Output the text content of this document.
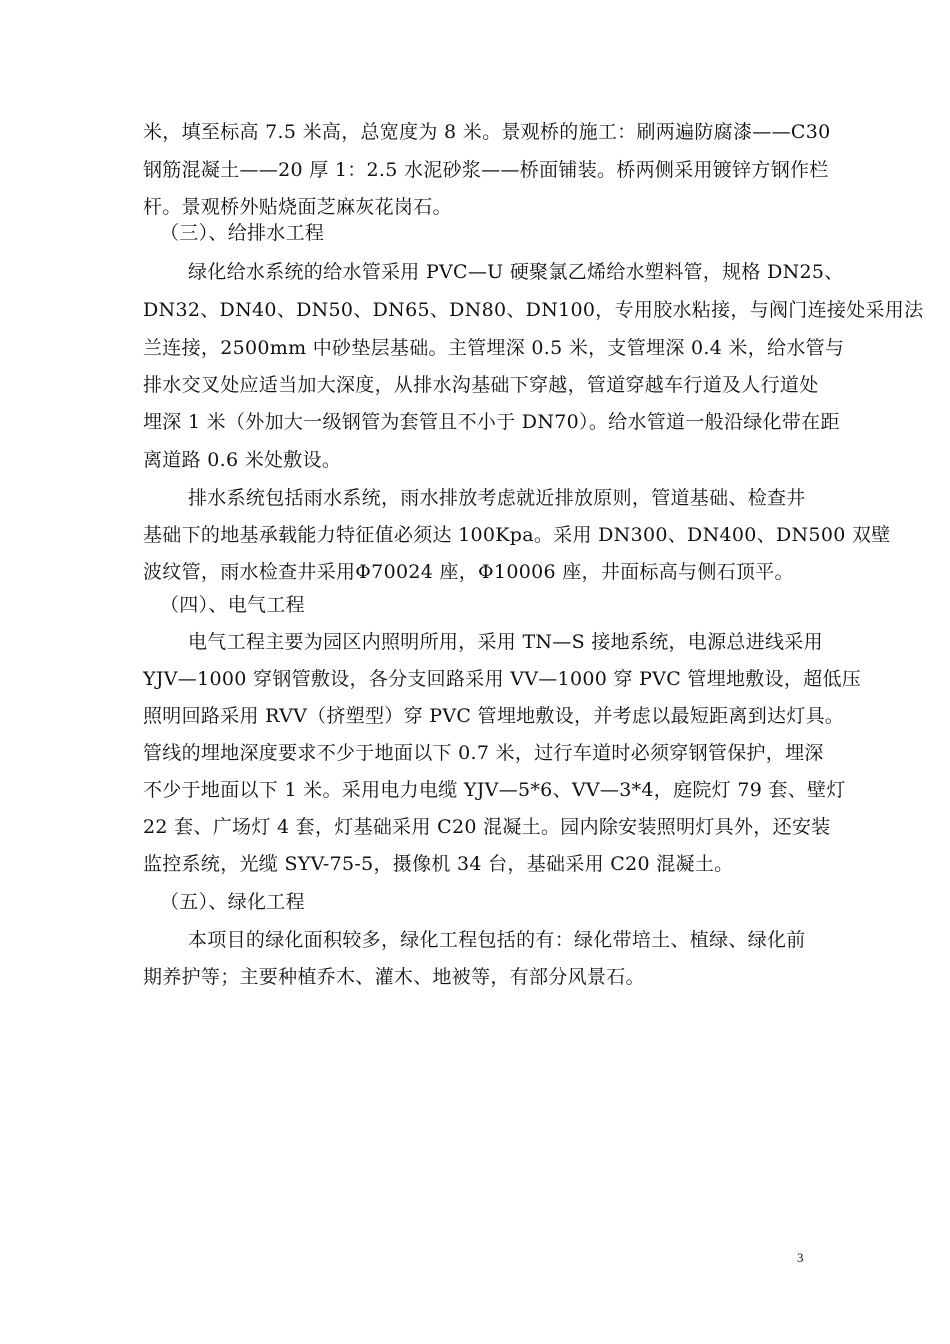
米，填至标高 7.5 米高，总宽度为 8 米。景观桥的施工：刷两遍防腐漆——C30
钢筋混凝土——20 厚 1：2.5 水泥砂浆——桥面铺装。桥两侧采用镀锌方钢作栏
杆。景观桥外贴烧面芝麻灰花岗石。
（三）、给排水工程
绿化给水系统的给水管采用 PVC—U 硬聚氯乙烯给水塑料管，规格 DN25、
DN32、DN40、DN50、DN65、DN80、DN100，专用胶水粘接，与阀门连接处采用法
兰连接，2500mm 中砂垫层基础。主管埋深 0.5 米，支管埋深 0.4 米，给水管与
排水交叉处应适当加大深度，从排水沟基础下穿越，管道穿越车行道及人行道处
埋深 1 米（外加大一级钢管为套管且不小于 DN70）。给水管道一般沿绿化带在距
离道路 0.6 米处敷设。
排水系统包括雨水系统，雨水排放考虑就近排放原则，管道基础、检查井
基础下的地基承载能力特征值必须达 100Kpa。采用 DN300、DN400、DN500 双壁
波纹管，雨水检查井采用Φ70024 座，Φ10006 座，井面标高与侧石顶平。
（四）、电气工程
电气工程主要为园区内照明所用，采用 TN—S 接地系统，电源总进线采用
YJV—1000 穿钢管敷设，各分支回路采用 VV—1000 穿 PVC 管埋地敷设，超低压
照明回路采用 RVV（挤塑型）穿 PVC 管埋地敷设，并考虑以最短距离到达灯具。
管线的埋地深度要求不少于地面以下 0.7 米，过行车道时必须穿钢管保护，埋深
不少于地面以下 1 米。采用电力电缆 YJV—5*6、VV—3*4，庭院灯 79 套、壁灯
22 套、广场灯 4 套，灯基础采用 C20 混凝土。园内除安装照明灯具外，还安装
监控系统，光缆 SYV-75-5，摄像机 34 台，基础采用 C20 混凝土。
（五）、绿化工程
本项目的绿化面积较多，绿化工程包括的有：绿化带培土、植绿、绿化前
期养护等；主要种植乔木、灌木、地被等，有部分风景石。
3
